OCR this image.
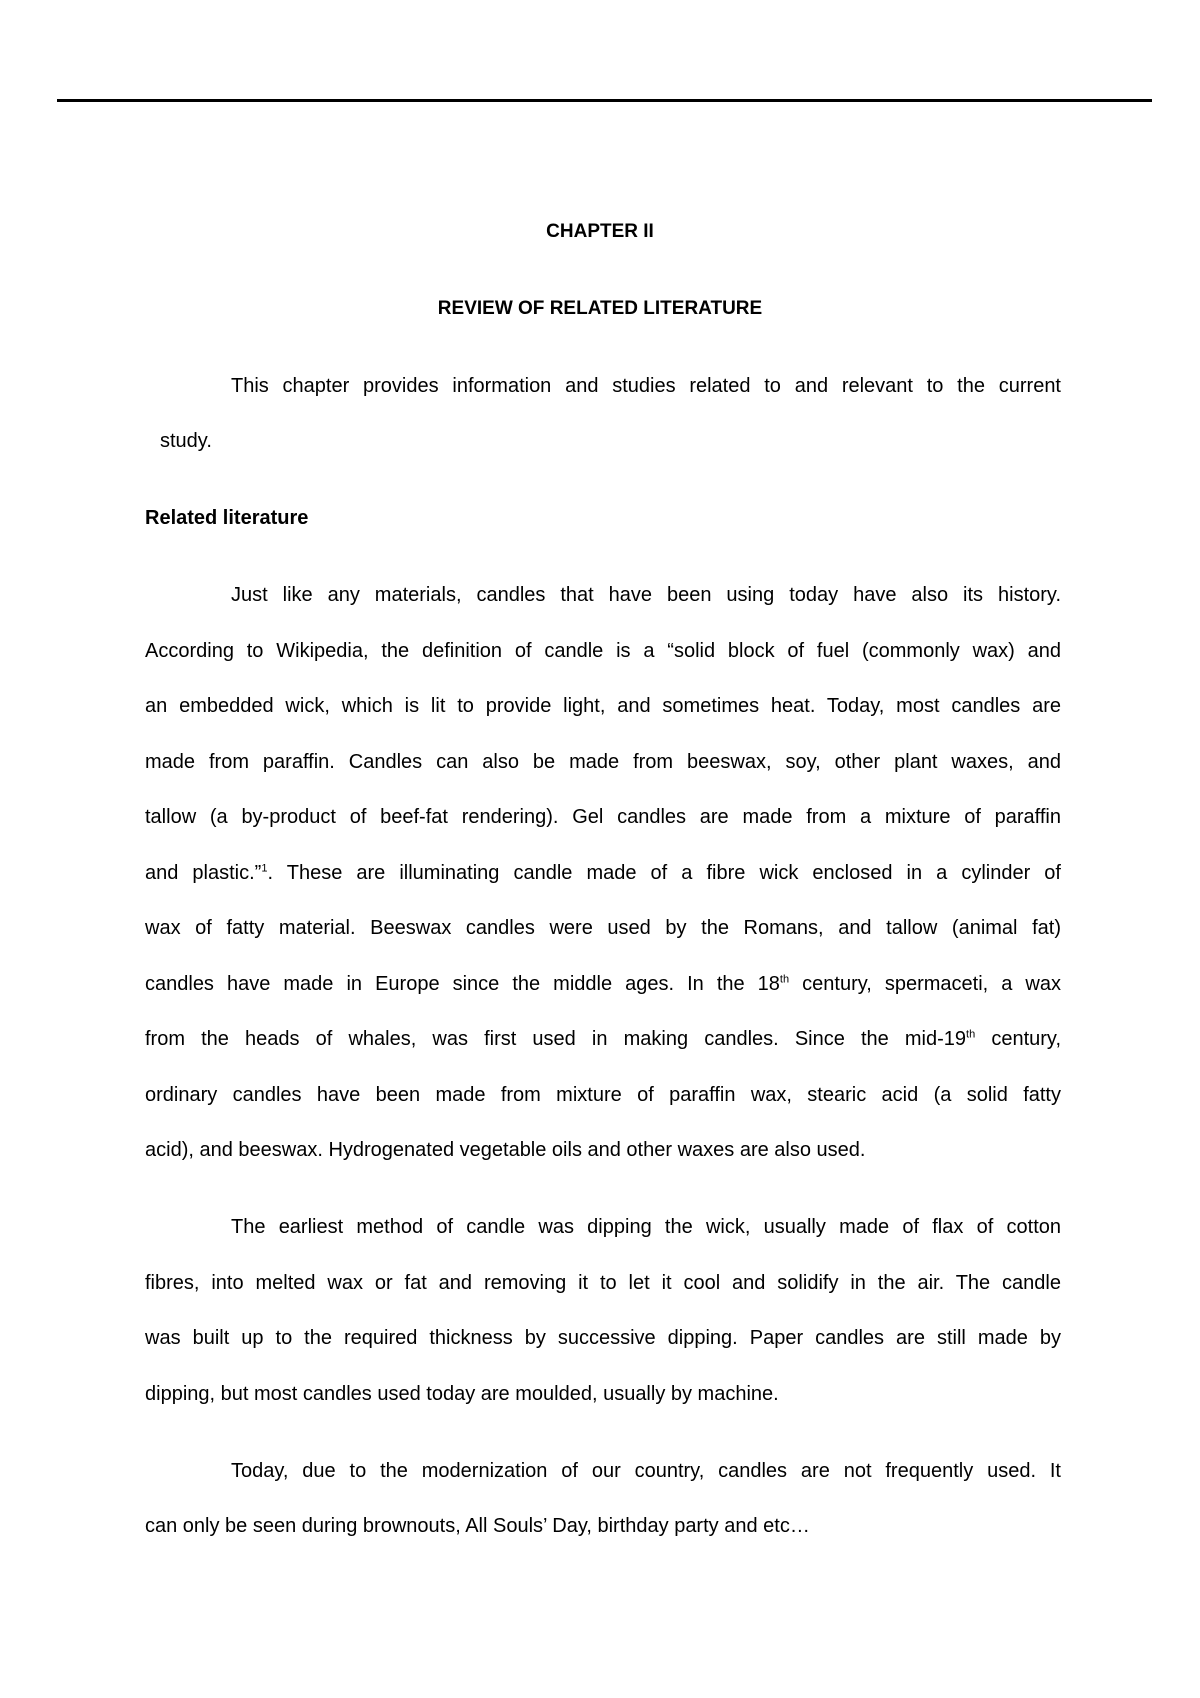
CHAPTER II
REVIEW OF RELATED LITERATURE
This chapter provides information and studies related to and relevant to the current
study.
Related literature
Just like any materials, candles that have been using today have also its history.
According to Wikipedia, the definition of candle is a “solid block of fuel (commonly wax) and
an embedded wick, which is lit to provide light, and sometimes heat. Today, most candles are
made from paraffin. Candles can also be made from beeswax, soy, other plant waxes, and
tallow (a by-product of beef-fat rendering). Gel candles are made from a mixture of paraffin
and plastic.”$^1$. These are illuminating candle made of a fibre wick enclosed in a cylinder of
wax of fatty material. Beeswax candles were used by the Romans, and tallow (animal fat)
candles have made in Europe since the middle ages. In the 18th century, spermaceti, a wax
from the heads of whales, was first used in making candles. Since the mid-19th century,
ordinary candles have been made from mixture of paraffin wax, stearic acid (a solid fatty
acid), and beeswax. Hydrogenated vegetable oils and other waxes are also used.
The earliest method of candle was dipping the wick, usually made of flax of cotton
fibres, into melted wax or fat and removing it to let it cool and solidify in the air. The candle
was built up to the required thickness by successive dipping. Paper candles are still made by
dipping, but most candles used today are moulded, usually by machine.
Today, due to the modernization of our country, candles are not frequently used. It
can only be seen during brownouts, All Souls’ Day, birthday party and etc…
